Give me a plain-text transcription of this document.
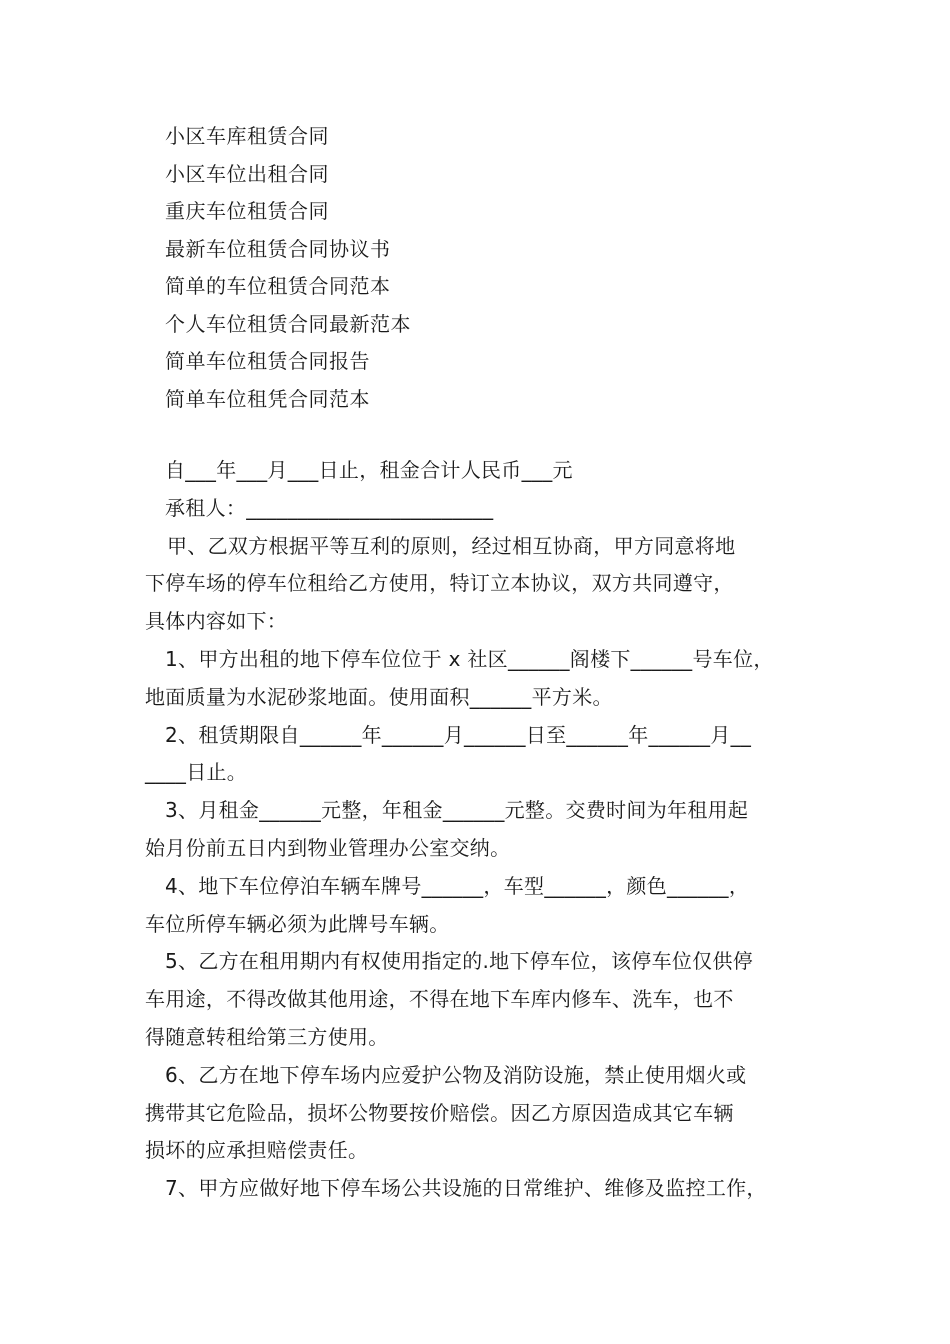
小区车库租赁合同
小区车位出租合同
重庆车位租赁合同
最新车位租赁合同协议书
简单的车位租赁合同范本
个人车位租赁合同最新范本
简单车位租赁合同报告
简单车位租凭合同范本
自___年___月___日止，租金合计人民币___元
承租人：________________________
甲、乙双方根据平等互利的原则，经过相互协商，甲方同意将地
下停车场的停车位租给乙方使用，特订立本协议，双方共同遵守，
具体内容如下：
1、甲方出租的地下停车位位于 x 社区______阁楼下______号车位，
地面质量为水泥砂浆地面。使用面积______平方米。
2、租赁期限自______年______月______日至______年______月__
____日止。
3、月租金______元整，年租金______元整。交费时间为年租用起
始月份前五日内到物业管理办公室交纳。
4、地下车位停泊车辆车牌号______，车型______，颜色______，
车位所停车辆必须为此牌号车辆。
5、乙方在租用期内有权使用指定的.地下停车位，该停车位仅供停
车用途，不得改做其他用途，不得在地下车库内修车、洗车，也不
得随意转租给第三方使用。
6、乙方在地下停车场内应爱护公物及消防设施，禁止使用烟火或
携带其它危险品，损坏公物要按价赔偿。因乙方原因造成其它车辆
损坏的应承担赔偿责任。
7、甲方应做好地下停车场公共设施的日常维护、维修及监控工作，
